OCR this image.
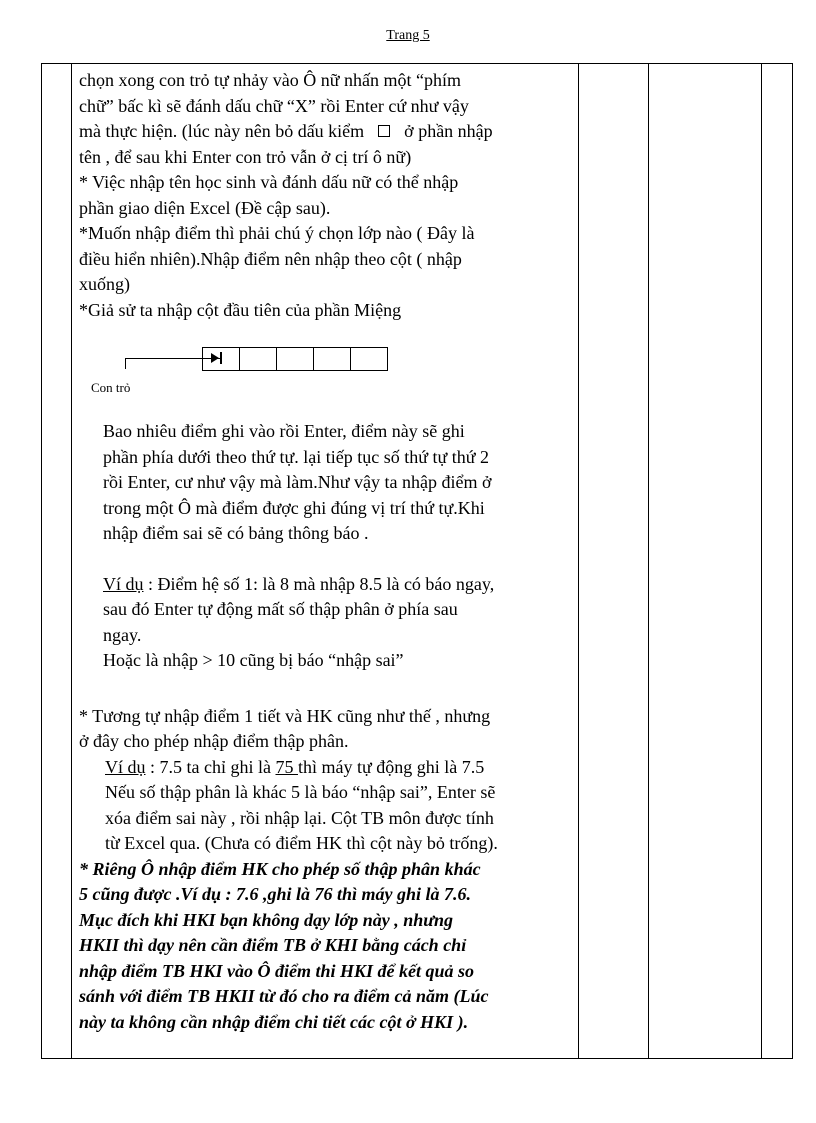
Trang 5

chọn xong con trỏ tự nhảy vào Ô nữ nhấn một “phím

chữ” bấc kì sẽ đánh dấu chữ “X” rồi Enter cứ như vậy

mà thực hiện. (lúc này nên bỏ dấu kiểm ở phần nhập

tên , để sau khi Enter con trỏ vẫn ở cị trí ô nữ)

* Việc nhập tên học sinh và đánh dấu nữ có thể nhập

phần giao diện Excel (Đề cập sau).

*Muốn nhập điểm thì phải chú ý chọn lớp nào ( Đây là

điều hiển nhiên).Nhập điểm nên nhập theo cột ( nhập

xuống)

*Giả sử ta nhập cột đầu tiên của phần Miệng

Con trỏ

Bao nhiêu điểm ghi vào rồi Enter, điểm này sẽ ghi

phần phía dưới theo thứ tự. lại tiếp tục số thứ tự thứ 2

rồi Enter, cư như vậy mà làm.Như vậy ta nhập điểm ở

trong một Ô mà điểm được ghi đúng vị trí thứ tự.Khi

nhập điểm sai sẽ có bảng thông báo .

Ví dụ : Điểm hệ số 1: là 8 mà nhập 8.5 là có báo ngay,

sau đó Enter tự động mất số thập phân ở phía sau

ngay.

Hoặc là nhập > 10 cũng bị báo “nhập sai”

* Tương tự nhập điểm 1 tiết và HK cũng như thế , nhưng

ở đây cho phép nhập điểm thập phân.

Ví dụ : 7.5 ta chỉ ghi là 75 thì máy tự động ghi là 7.5

Nếu số thập phân là khác 5 là báo “nhập sai”, Enter sẽ

xóa điểm sai này , rồi nhập lại. Cột TB môn được tính

từ Excel qua. (Chưa có điểm HK thì cột này bỏ trống).

* Riêng Ô nhập điểm HK cho phép số thập phân khác

5 cũng được .Ví dụ : 7.6 ,ghi là 76 thì máy ghi là 7.6.

Mục đích khi HKI bạn không dạy lớp này , nhưng

HKII thì dạy nên cần điểm TB ở KHI bằng cách chỉ

nhập điểm TB HKI vào Ô điểm thi HKI để kết quả so

sánh với điểm TB HKII từ đó cho ra điểm cả năm (Lúc

này ta không cần nhập điểm chi tiết các cột ở HKI ).
